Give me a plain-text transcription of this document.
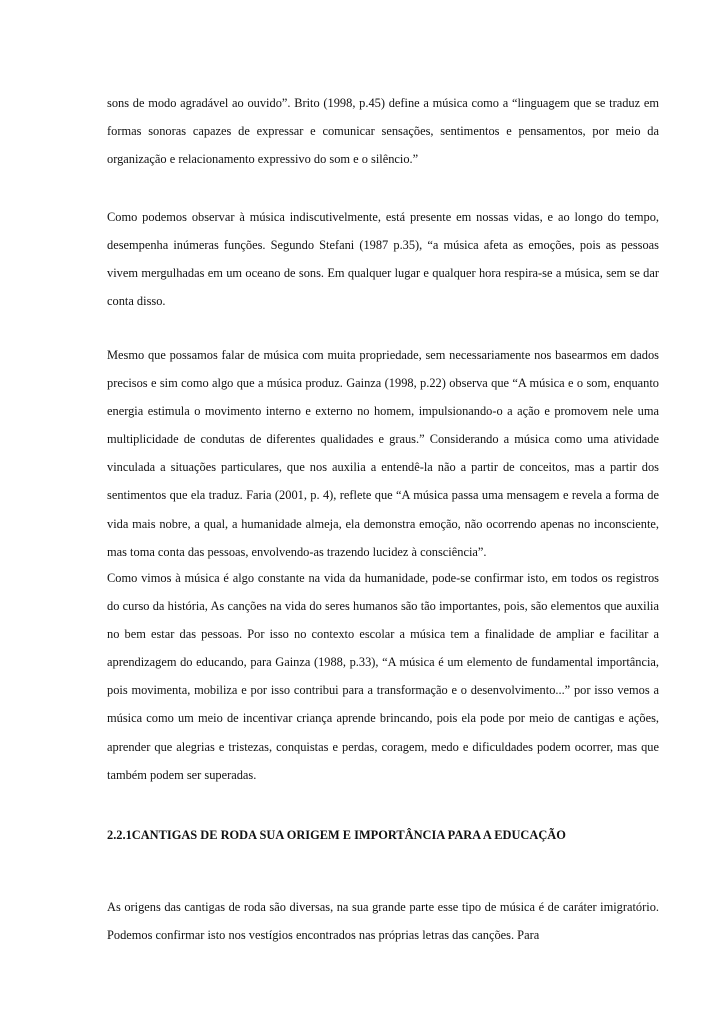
sons de modo agradável ao ouvido”. Brito (1998, p.45) define a música como a “linguagem que se traduz em formas sonoras capazes de expressar e comunicar sensações, sentimentos e pensamentos, por meio da organização e relacionamento expressivo do som e o silêncio.”

Como podemos observar à música indiscutivelmente, está presente em nossas vidas, e ao longo do tempo, desempenha inúmeras funções. Segundo Stefani (1987 p.35), “a música afeta as emoções, pois as pessoas vivem mergulhadas em um oceano de sons. Em qualquer lugar e qualquer hora respira-se a música, sem se dar conta disso.

Mesmo que possamos falar de música com muita propriedade, sem necessariamente nos basearmos em dados precisos e sim como algo que a música produz. Gainza (1998, p.22) observa que “A música e o som, enquanto energia estimula o movimento interno e externo no homem, impulsionando-o a ação e promovem nele uma multiplicidade de condutas de diferentes qualidades e graus.” Considerando a música como uma atividade vinculada a situações particulares, que nos auxilia a entendê-la não a partir de conceitos, mas a partir dos sentimentos que ela traduz. Faria (2001, p. 4), reflete que “A música passa uma mensagem e revela a forma de vida mais nobre, a qual, a humanidade almeja, ela demonstra emoção, não ocorrendo apenas no inconsciente, mas toma conta das pessoas, envolvendo-as trazendo lucidez à consciência”.

Como vimos à música é algo constante na vida da humanidade, pode-se confirmar isto, em todos os registros do curso da história, As canções na vida do seres humanos são tão importantes, pois, são elementos que auxilia no bem estar das pessoas. Por isso no contexto escolar a música tem a finalidade de ampliar e facilitar a aprendizagem do educando, para Gainza (1988, p.33), “A música é um elemento de fundamental importância, pois movimenta, mobiliza e por isso contribui para a transformação e o desenvolvimento...” por isso vemos a música como um meio de incentivar criança aprende brincando, pois ela pode por meio de cantigas e ações, aprender que alegrias e tristezas, conquistas e perdas, coragem, medo e dificuldades podem ocorrer, mas que também podem ser superadas.

2.2.1CANTIGAS DE RODA SUA ORIGEM E IMPORTÂNCIA PARA A EDUCAÇÃO

As origens das cantigas de roda são diversas, na sua grande parte esse tipo de música é de caráter imigratório. Podemos confirmar isto nos vestígios encontrados nas próprias letras das canções. Para
